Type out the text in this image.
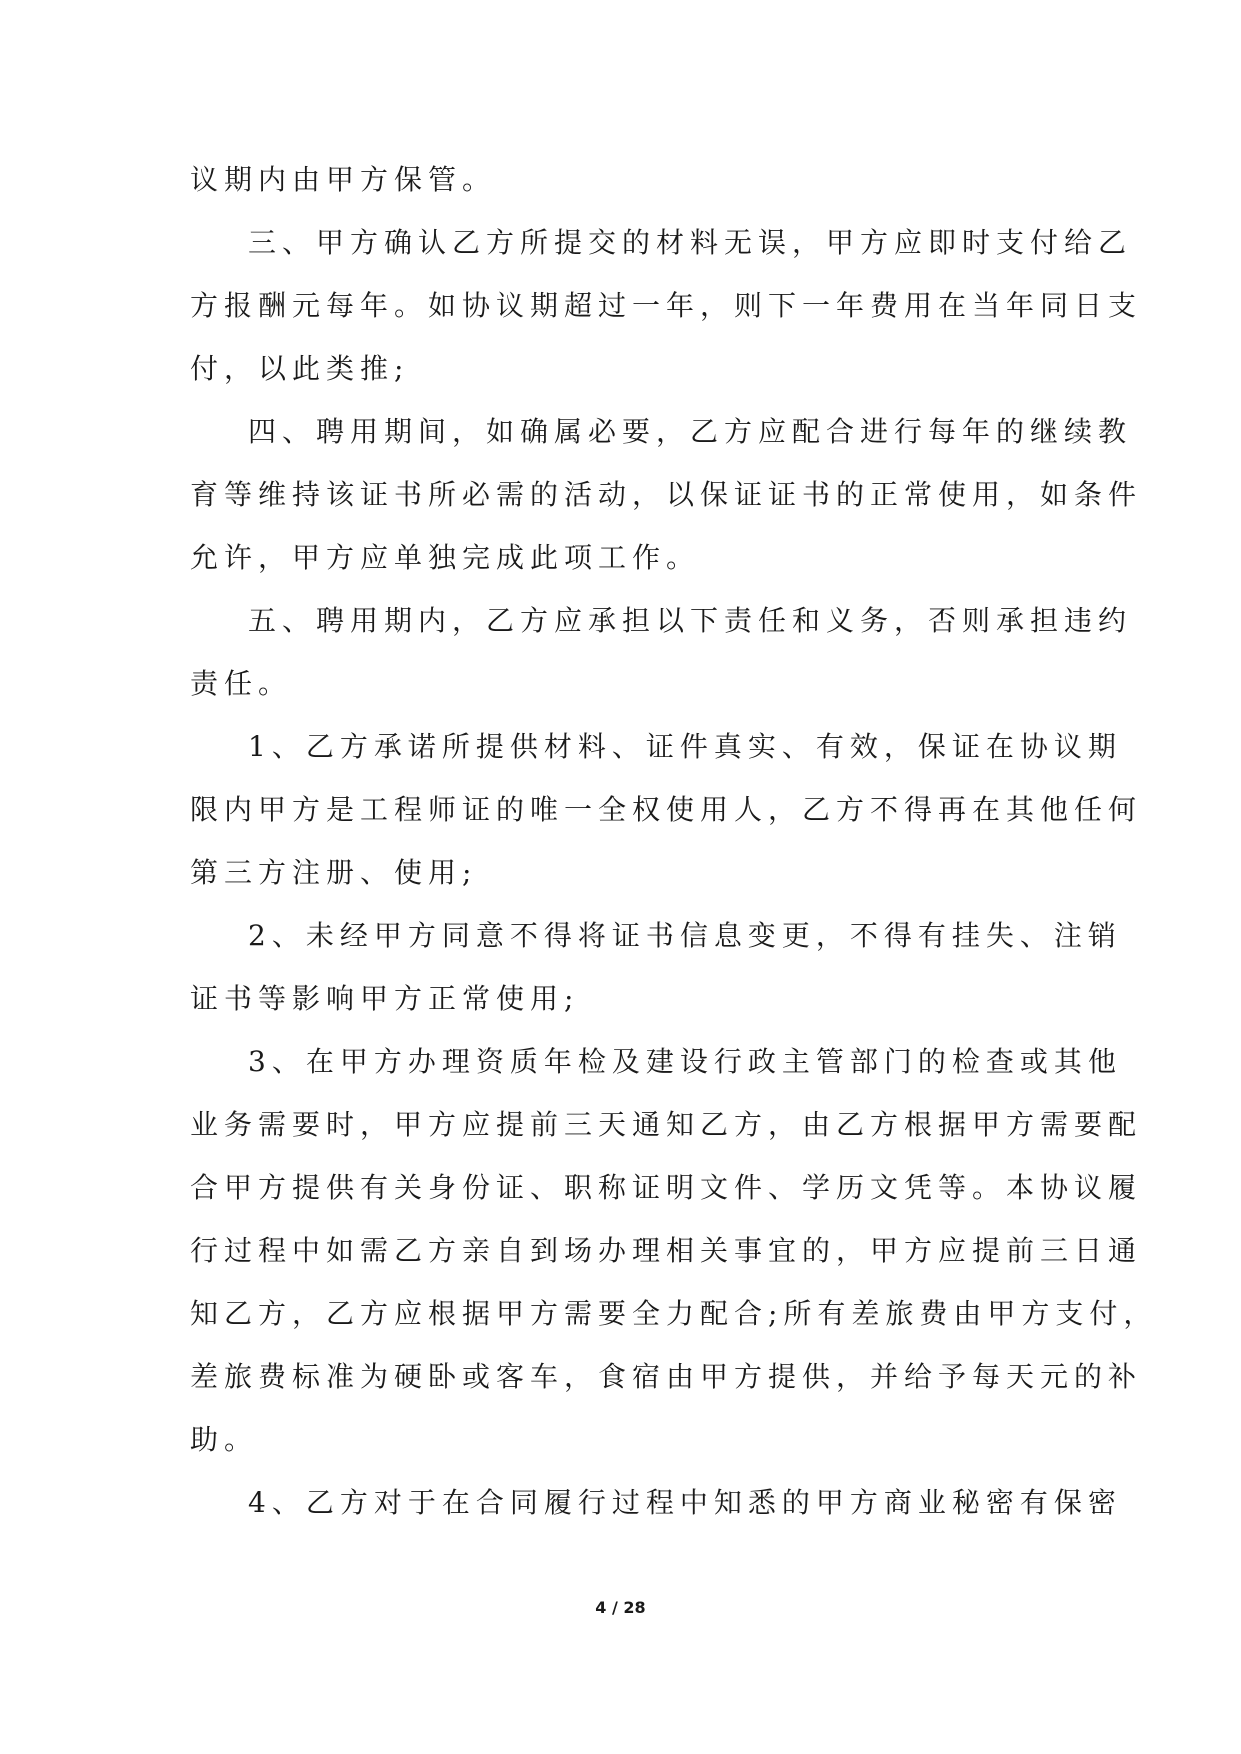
议期内由甲方保管。
三、甲方确认乙方所提交的材料无误，甲方应即时支付给乙
方报酬元每年。如协议期超过一年，则下一年费用在当年同日支
付，以此类推;
四、聘用期间，如确属必要，乙方应配合进行每年的继续教
育等维持该证书所必需的活动，以保证证书的正常使用，如条件
允许，甲方应单独完成此项工作。
五、聘用期内，乙方应承担以下责任和义务，否则承担违约
责任。
1、乙方承诺所提供材料、证件真实、有效，保证在协议期
限内甲方是工程师证的唯一全权使用人，乙方不得再在其他任何
第三方注册、使用;
2、未经甲方同意不得将证书信息变更，不得有挂失、注销
证书等影响甲方正常使用;
3、在甲方办理资质年检及建设行政主管部门的检查或其他
业务需要时，甲方应提前三天通知乙方，由乙方根据甲方需要配
合甲方提供有关身份证、职称证明文件、学历文凭等。本协议履
行过程中如需乙方亲自到场办理相关事宜的，甲方应提前三日通
知乙方，乙方应根据甲方需要全力配合;所有差旅费由甲方支付，
差旅费标准为硬卧或客车，食宿由甲方提供，并给予每天元的补
助。
4、乙方对于在合同履行过程中知悉的甲方商业秘密有保密
4 / 28
